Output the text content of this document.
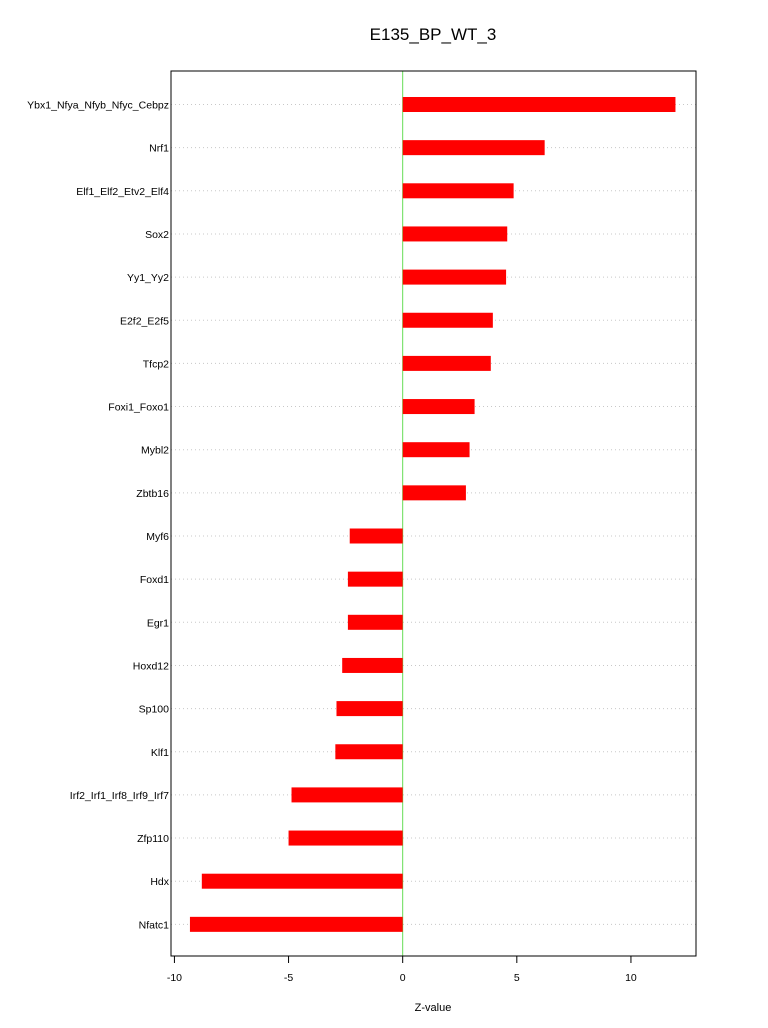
E135_BP_WT_3
Ybx1_Nfya_Nfyb_Nfyc_Cebpz
Nrf1
Elf1_Elf2_Etv2_Elf4
Sox2
Yy1_Yy2
E2f2_E2f5
Tfcp2
Foxi1_Foxo1
Mybl2
Zbtb16
Myf6
Foxd1
Egr1
Hoxd12
Sp100
Klf1
Irf2_Irf1_Irf8_Irf9_Irf7
Zfp110
Hdx
Nfatc1
-10	-5	0	5	10
Z-value
